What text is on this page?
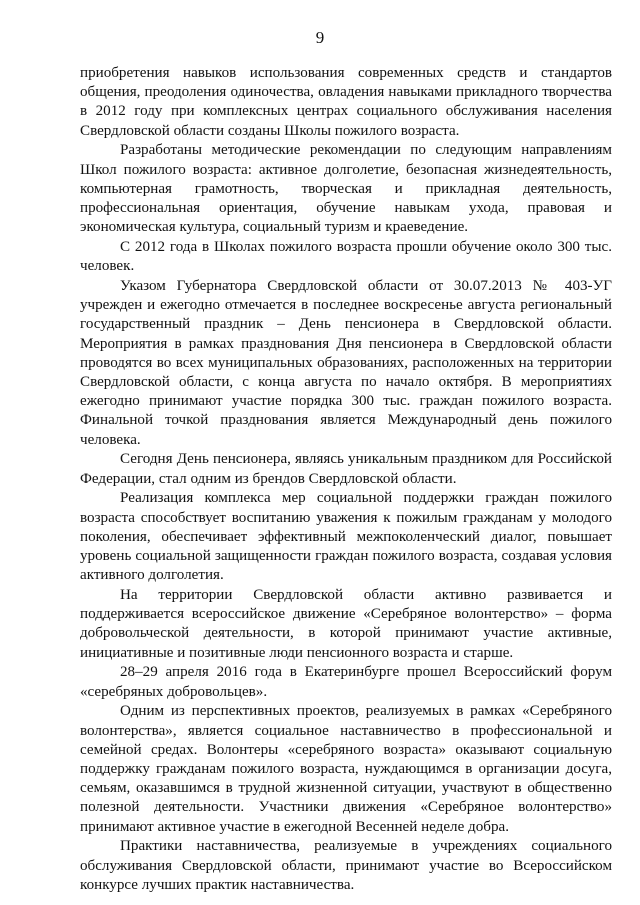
9

приобретения навыков использования современных средств и стандартов общения, преодоления одиночества, овладения навыками прикладного творчества в 2012 году при комплексных центрах социального обслуживания населения Свердловской области созданы Школы пожилого возраста.

Разработаны методические рекомендации по следующим направлениям Школ пожилого возраста: активное долголетие, безопасная жизнедеятельность, компьютерная грамотность, творческая и прикладная деятельность, профессиональная ориентация, обучение навыкам ухода, правовая и экономическая культура, социальный туризм и краеведение.

С 2012 года в Школах пожилого возраста прошли обучение около 300 тыс. человек.

Указом Губернатора Свердловской области от 30.07.2013 № 403-УГ учрежден и ежегодно отмечается в последнее воскресенье августа региональный государственный праздник – День пенсионера в Свердловской области. Мероприятия в рамках празднования Дня пенсионера в Свердловской области проводятся во всех муниципальных образованиях, расположенных на территории Свердловской области, с конца августа по начало октября. В мероприятиях ежегодно принимают участие порядка 300 тыс. граждан пожилого возраста. Финальной точкой празднования является Международный день пожилого человека.

Сегодня День пенсионера, являясь уникальным праздником для Российской Федерации, стал одним из брендов Свердловской области.

Реализация комплекса мер социальной поддержки граждан пожилого возраста способствует воспитанию уважения к пожилым гражданам у молодого поколения, обеспечивает эффективный межпоколенческий диалог, повышает уровень социальной защищенности граждан пожилого возраста, создавая условия активного долголетия.

На территории Свердловской области активно развивается и поддерживается всероссийское движение «Серебряное волонтерство» – форма добровольческой деятельности, в которой принимают участие активные, инициативные и позитивные люди пенсионного возраста и старше.

28–29 апреля 2016 года в Екатеринбурге прошел Всероссийский форум «серебряных добровольцев».

Одним из перспективных проектов, реализуемых в рамках «Серебряного волонтерства», является социальное наставничество в профессиональной и семейной средах. Волонтеры «серебряного возраста» оказывают социальную поддержку гражданам пожилого возраста, нуждающимся в организации досуга, семьям, оказавшимся в трудной жизненной ситуации, участвуют в общественно полезной деятельности. Участники движения «Серебряное волонтерство» принимают активное участие в ежегодной Весенней неделе добра.

Практики наставничества, реализуемые в учреждениях социального обслуживания Свердловской области, принимают участие во Всероссийском конкурсе лучших практик наставничества.
